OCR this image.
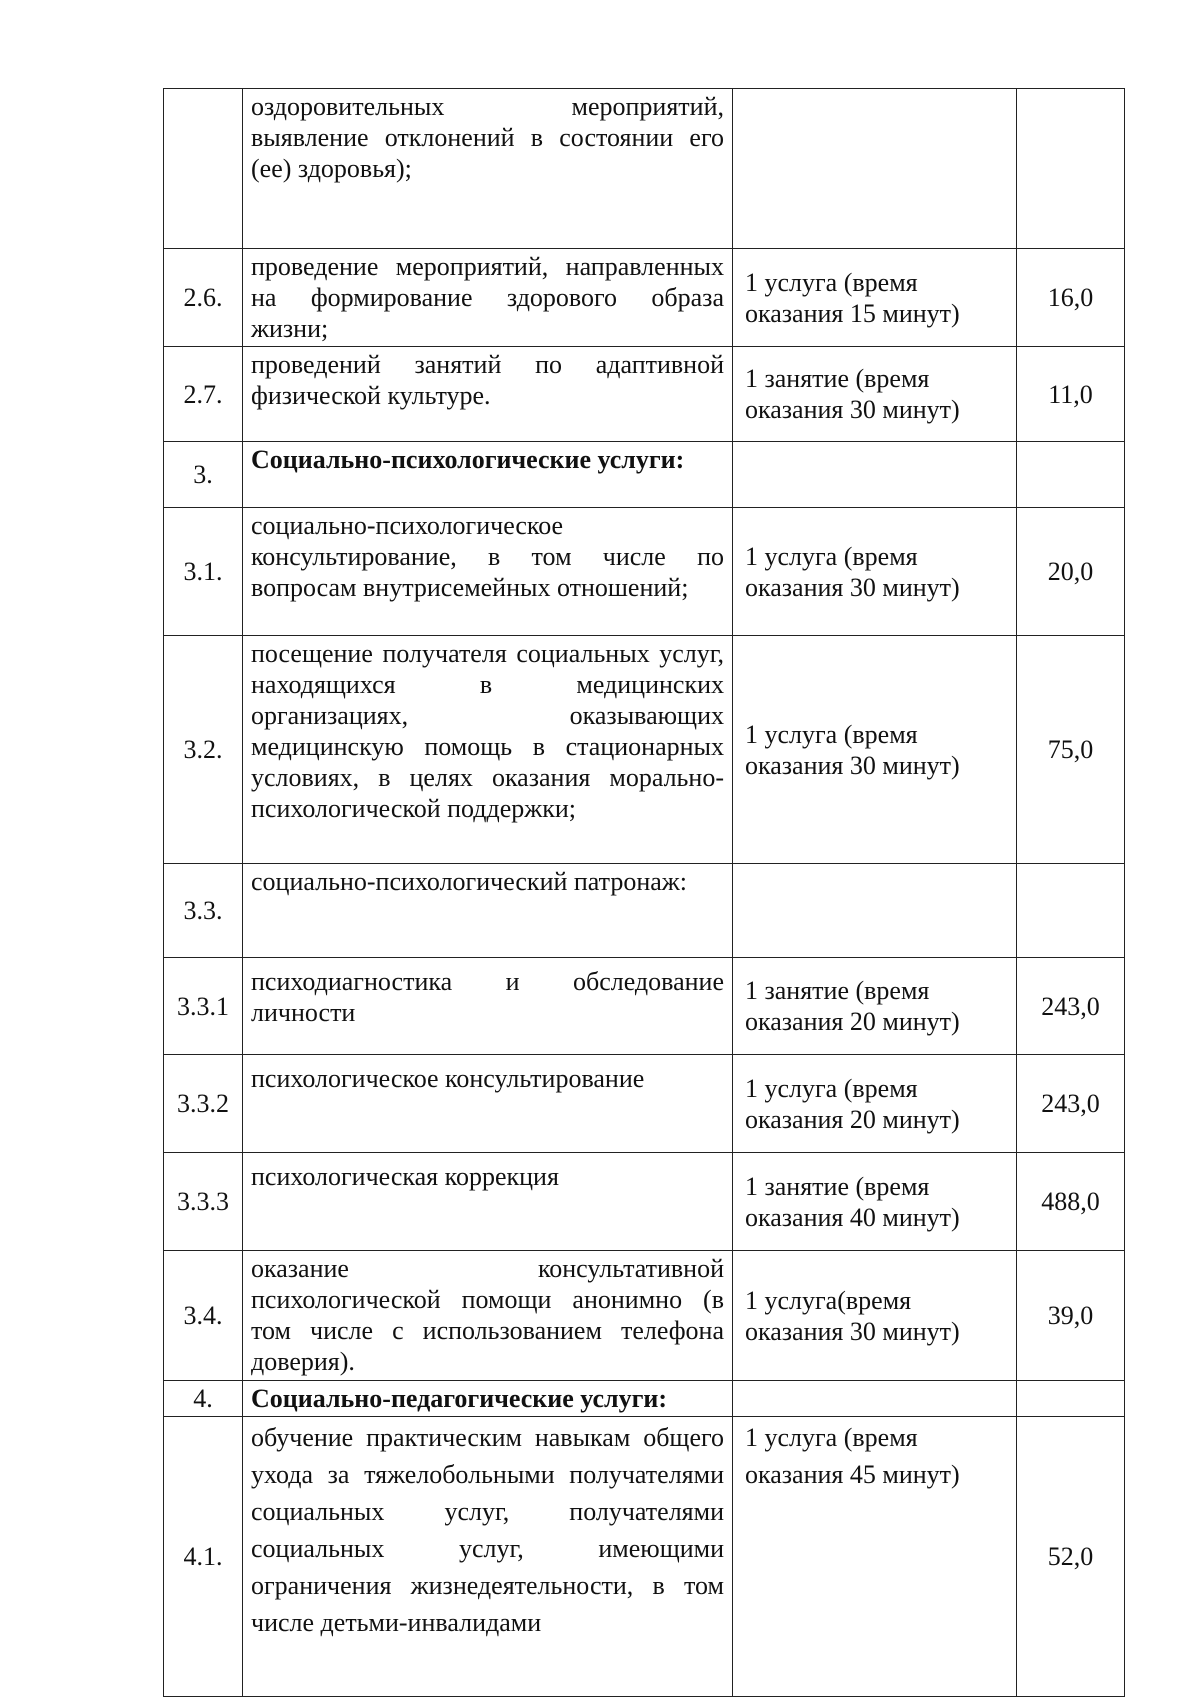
	оздоровительных мероприятий, выявление отклонений в состоянии его (ее) здоровья);		
2.6.	проведение мероприятий, направленных на формирование здорового образа жизни;	1 услуга (время оказания 15 минут)	16,0
2.7.	проведений занятий по адаптивной физической культуре.	1 занятие (время оказания 30 минут)	11,0
3.	Социально-психологические услуги:		
3.1.	социально-психологическое консультирование, в том числе по вопросам внутрисемейных отношений;	1 услуга (время оказания 30 минут)	20,0
3.2.	посещение получателя социальных услуг, находящихся в медицинских организациях, оказывающих медицинскую помощь в стационарных условиях, в целях оказания морально-психологической поддержки;	1 услуга (время оказания 30 минут)	75,0
3.3.	социально-психологический патронаж:		
3.3.1	психодиагностика и обследование личности	1 занятие (время оказания 20 минут)	243,0
3.3.2	психологическое консультирование	1 услуга (время оказания 20 минут)	243,0
3.3.3	психологическая коррекция	1 занятие (время оказания 40 минут)	488,0
3.4.	оказание консультативной психологической помощи анонимно (в том числе с использованием телефона доверия).	1 услуга(время оказания 30 минут)	39,0
4.	Социально-педагогические услуги:		
4.1.	обучение практическим навыкам общего ухода за тяжелобольными получателями социальных услуг, получателями социальных услуг, имеющими ограничения жизнедеятельности, в том числе детьми-инвалидами	1 услуга (время оказания 45 минут)	52,0
